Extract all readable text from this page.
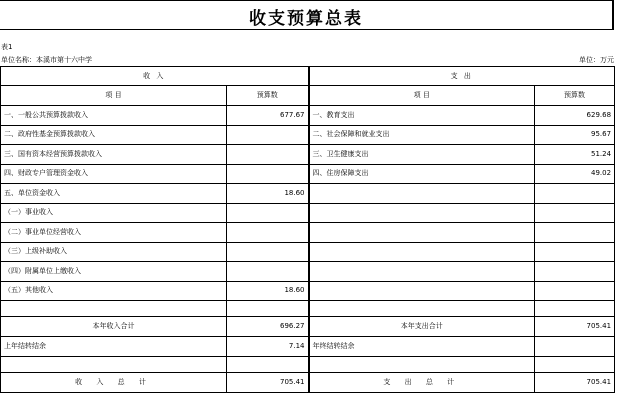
收支预算总表
表1
单位名称：本溪市第十六中学	单位：万元
收 入		支 出	
项 目	预算数	项 目	预算数
一、一般公共预算拨款收入	677.67	一、教育支出	629.68
二、政府性基金预算拨款收入		二、社会保障和就业支出	95.67
三、国有资本经营预算拨款收入		三、卫生健康支出	51.24
四、财政专户管理资金收入		四、住房保障支出	49.02
五、单位资金收入	18.60		
（一）事业收入			
（二）事业单位经营收入			
（三）上级补助收入			
（四）附属单位上缴收入			
（五）其他收入	18.60		

本年收入合计	696.27	本年支出合计	705.41
上年结转结余	7.14	年终结转结余	

收 入 总 计	705.41	支 出 总 计	705.41
